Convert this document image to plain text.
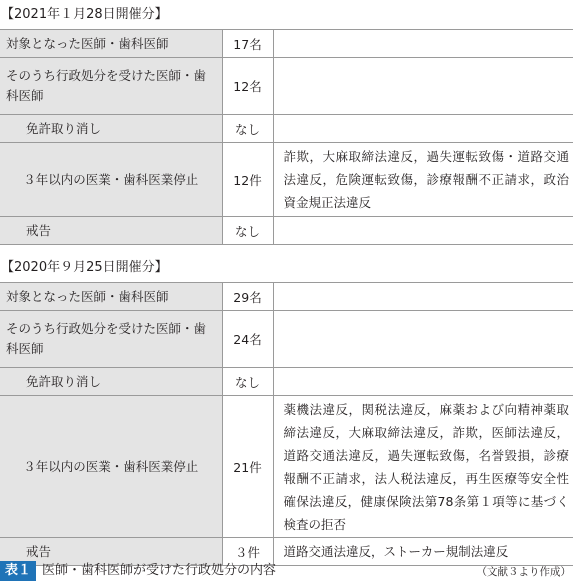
【2021年１月28日開催分】
対象となった医師・歯科医師	17名	

そのうち行政処分を受けた医師・歯科医師	12名	
免許取り消し	なし	
３年以内の医業・歯科医業停止	12件	詐欺，大麻取締法違反，過失運転致傷・道路交通法違反，危険運転致傷，診療報酬不正請求，政治資金規正法違反
戒告	なし	
【2020年９月25日開催分】
対象となった医師・歯科医師	29名	

そのうち行政処分を受けた医師・歯科医師	24名	
免許取り消し	なし	
３年以内の医業・歯科医業停止	21件	薬機法違反，関税法違反，麻薬および向精神薬取締法違反，大麻取締法違反，詐欺，医師法違反，道路交通法違反，過失運転致傷，名誉毀損，診療報酬不正請求，法人税法違反，再生医療等安全性確保法違反，健康保険法第78条第１項等に基づく検査の拒否
戒告	３件	道路交通法違反，ストーカー規制法違反
表１ 医師・歯科医師が受けた行政処分の内容	（文献３より作成）
